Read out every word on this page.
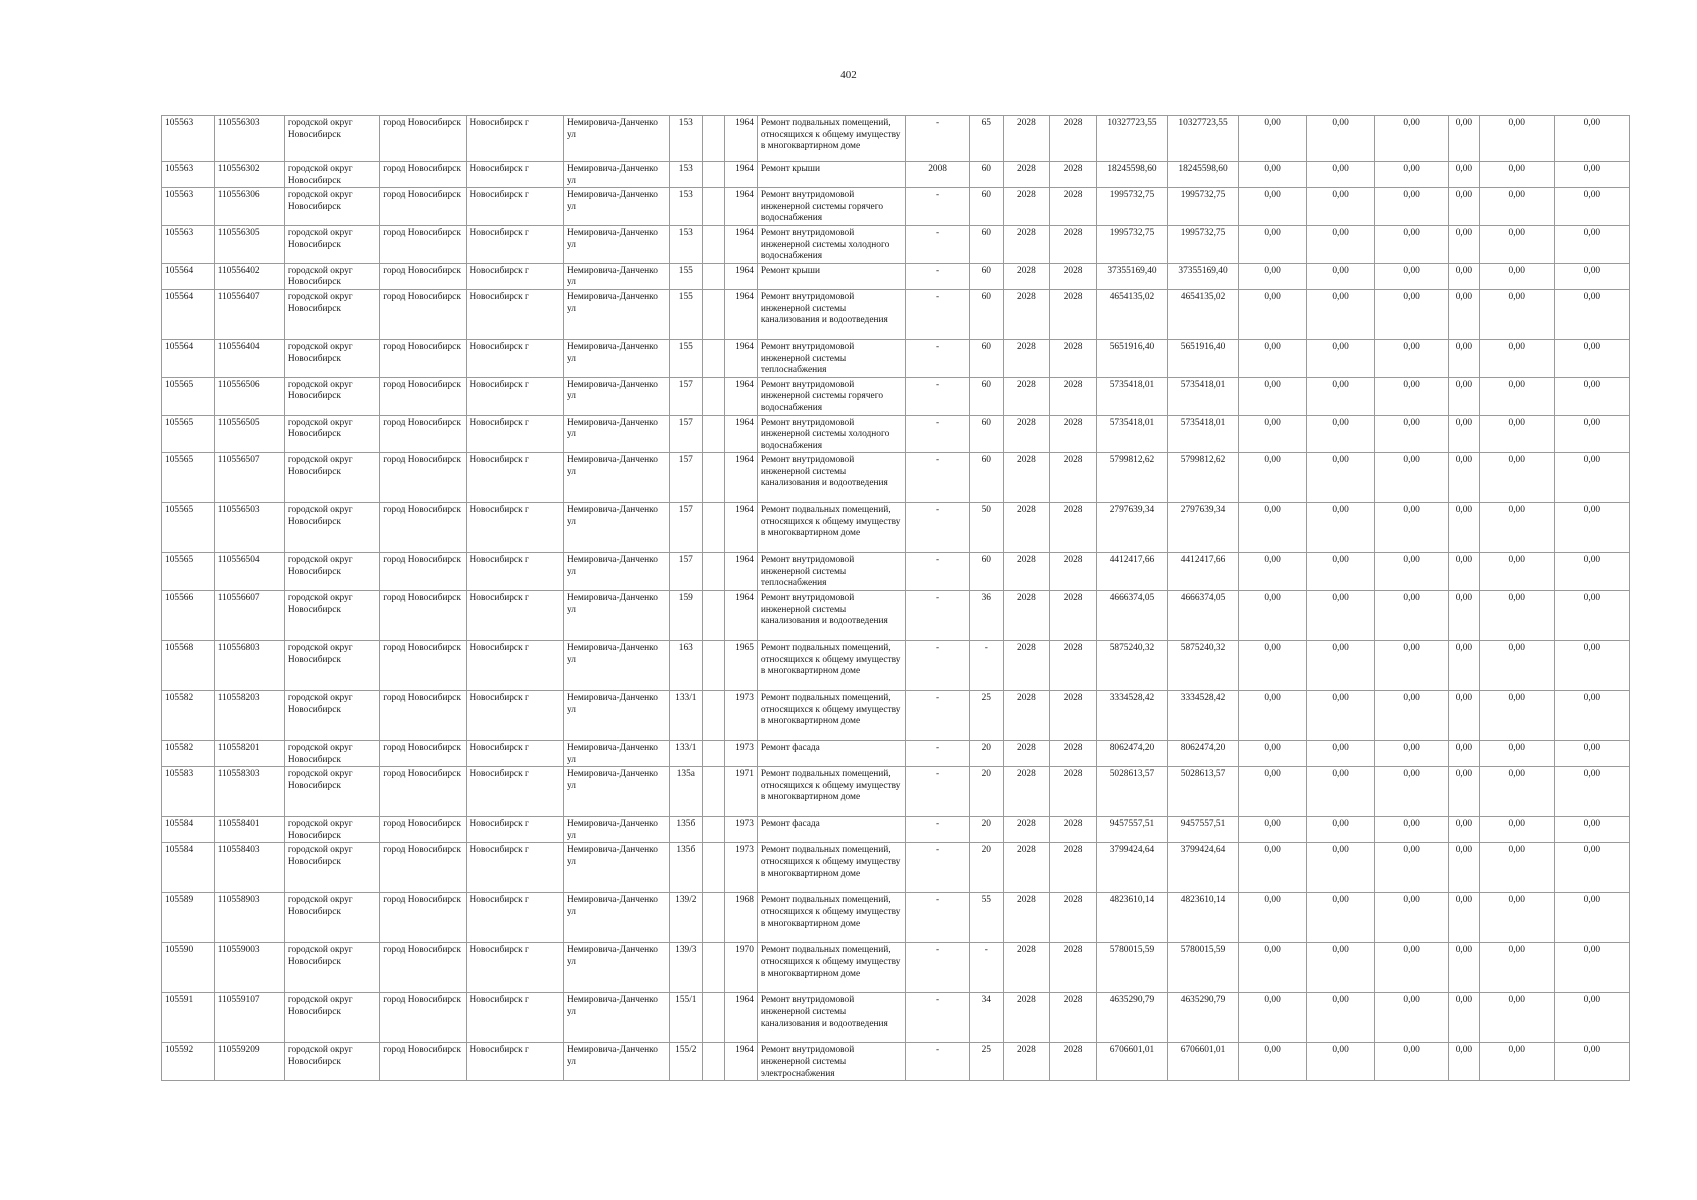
402
105563	110556303	городской округ Новосибирск	город Новосибирск	Новосибирск г	Немировича-Данченко ул	153		1964	Ремонт подвальных помещений, относящихся к общему имуществу в многоквартирном доме	-	65	2028	2028	10327723,55	10327723,55	0,00	0,00	0,00	0,00	0,00	0,00
105563	110556302	городской округ Новосибирск	город Новосибирск	Новосибирск г	Немировича-Данченко ул	153		1964	Ремонт крыши	2008	60	2028	2028	18245598,60	18245598,60	0,00	0,00	0,00	0,00	0,00	0,00
105563	110556306	городской округ Новосибирск	город Новосибирск	Новосибирск г	Немировича-Данченко ул	153		1964	Ремонт внутридомовой инженерной системы горячего водоснабжения	-	60	2028	2028	1995732,75	1995732,75	0,00	0,00	0,00	0,00	0,00	0,00
105563	110556305	городской округ Новосибирск	город Новосибирск	Новосибирск г	Немировича-Данченко ул	153		1964	Ремонт внутридомовой инженерной системы холодного водоснабжения	-	60	2028	2028	1995732,75	1995732,75	0,00	0,00	0,00	0,00	0,00	0,00
105564	110556402	городской округ Новосибирск	город Новосибирск	Новосибирск г	Немировича-Данченко ул	155		1964	Ремонт крыши	-	60	2028	2028	37355169,40	37355169,40	0,00	0,00	0,00	0,00	0,00	0,00
105564	110556407	городской округ Новосибирск	город Новосибирск	Новосибирск г	Немировича-Данченко ул	155		1964	Ремонт внутридомовой инженерной системы канализования и водоотведения	-	60	2028	2028	4654135,02	4654135,02	0,00	0,00	0,00	0,00	0,00	0,00
105564	110556404	городской округ Новосибирск	город Новосибирск	Новосибирск г	Немировича-Данченко ул	155		1964	Ремонт внутридомовой инженерной системы теплоснабжения	-	60	2028	2028	5651916,40	5651916,40	0,00	0,00	0,00	0,00	0,00	0,00
105565	110556506	городской округ Новосибирск	город Новосибирск	Новосибирск г	Немировича-Данченко ул	157		1964	Ремонт внутридомовой инженерной системы горячего водоснабжения	-	60	2028	2028	5735418,01	5735418,01	0,00	0,00	0,00	0,00	0,00	0,00
105565	110556505	городской округ Новосибирск	город Новосибирск	Новосибирск г	Немировича-Данченко ул	157		1964	Ремонт внутридомовой инженерной системы холодного водоснабжения	-	60	2028	2028	5735418,01	5735418,01	0,00	0,00	0,00	0,00	0,00	0,00
105565	110556507	городской округ Новосибирск	город Новосибирск	Новосибирск г	Немировича-Данченко ул	157		1964	Ремонт внутридомовой инженерной системы канализования и водоотведения	-	60	2028	2028	5799812,62	5799812,62	0,00	0,00	0,00	0,00	0,00	0,00
105565	110556503	городской округ Новосибирск	город Новосибирск	Новосибирск г	Немировича-Данченко ул	157		1964	Ремонт подвальных помещений, относящихся к общему имуществу в многоквартирном доме	-	50	2028	2028	2797639,34	2797639,34	0,00	0,00	0,00	0,00	0,00	0,00
105565	110556504	городской округ Новосибирск	город Новосибирск	Новосибирск г	Немировича-Данченко ул	157		1964	Ремонт внутридомовой инженерной системы теплоснабжения	-	60	2028	2028	4412417,66	4412417,66	0,00	0,00	0,00	0,00	0,00	0,00
105566	110556607	городской округ Новосибирск	город Новосибирск	Новосибирск г	Немировича-Данченко ул	159		1964	Ремонт внутридомовой инженерной системы канализования и водоотведения	-	36	2028	2028	4666374,05	4666374,05	0,00	0,00	0,00	0,00	0,00	0,00
105568	110556803	городской округ Новосибирск	город Новосибирск	Новосибирск г	Немировича-Данченко ул	163		1965	Ремонт подвальных помещений, относящихся к общему имуществу в многоквартирном доме	-	-	2028	2028	5875240,32	5875240,32	0,00	0,00	0,00	0,00	0,00	0,00
105582	110558203	городской округ Новосибирск	город Новосибирск	Новосибирск г	Немировича-Данченко ул	133/1		1973	Ремонт подвальных помещений, относящихся к общему имуществу в многоквартирном доме	-	25	2028	2028	3334528,42	3334528,42	0,00	0,00	0,00	0,00	0,00	0,00
105582	110558201	городской округ Новосибирск	город Новосибирск	Новосибирск г	Немировича-Данченко ул	133/1		1973	Ремонт фасада	-	20	2028	2028	8062474,20	8062474,20	0,00	0,00	0,00	0,00	0,00	0,00
105583	110558303	городской округ Новосибирск	город Новосибирск	Новосибирск г	Немировича-Данченко ул	135а		1971	Ремонт подвальных помещений, относящихся к общему имуществу в многоквартирном доме	-	20	2028	2028	5028613,57	5028613,57	0,00	0,00	0,00	0,00	0,00	0,00
105584	110558401	городской округ Новосибирск	город Новосибирск	Новосибирск г	Немировича-Данченко ул	135б		1973	Ремонт фасада	-	20	2028	2028	9457557,51	9457557,51	0,00	0,00	0,00	0,00	0,00	0,00
105584	110558403	городской округ Новосибирск	город Новосибирск	Новосибирск г	Немировича-Данченко ул	135б		1973	Ремонт подвальных помещений, относящихся к общему имуществу в многоквартирном доме	-	20	2028	2028	3799424,64	3799424,64	0,00	0,00	0,00	0,00	0,00	0,00
105589	110558903	городской округ Новосибирск	город Новосибирск	Новосибирск г	Немировича-Данченко ул	139/2		1968	Ремонт подвальных помещений, относящихся к общему имуществу в многоквартирном доме	-	55	2028	2028	4823610,14	4823610,14	0,00	0,00	0,00	0,00	0,00	0,00
105590	110559003	городской округ Новосибирск	город Новосибирск	Новосибирск г	Немировича-Данченко ул	139/3		1970	Ремонт подвальных помещений, относящихся к общему имуществу в многоквартирном доме	-	-	2028	2028	5780015,59	5780015,59	0,00	0,00	0,00	0,00	0,00	0,00
105591	110559107	городской округ Новосибирск	город Новосибирск	Новосибирск г	Немировича-Данченко ул	155/1		1964	Ремонт внутридомовой инженерной системы канализования и водоотведения	-	34	2028	2028	4635290,79	4635290,79	0,00	0,00	0,00	0,00	0,00	0,00
105592	110559209	городской округ Новосибирск	город Новосибирск	Новосибирск г	Немировича-Данченко ул	155/2		1964	Ремонт внутридомовой инженерной системы электроснабжения	-	25	2028	2028	6706601,01	6706601,01	0,00	0,00	0,00	0,00	0,00	0,00
